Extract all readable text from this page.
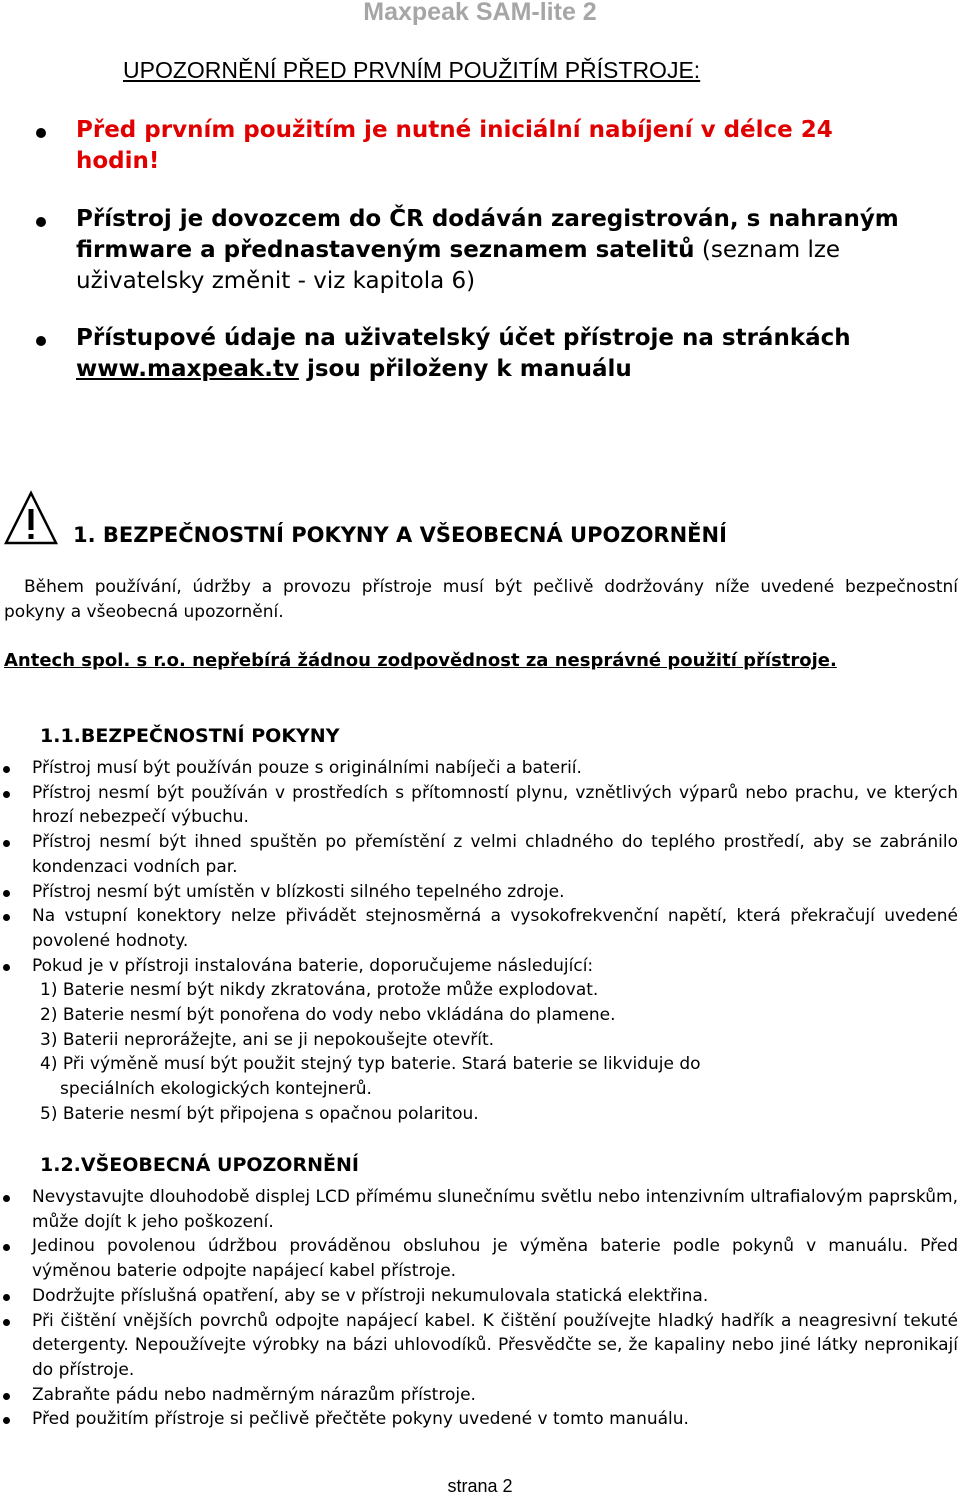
Maxpeak SAM-lite 2
UPOZORNĚNÍ PŘED PRVNÍM POUŽITÍM PŘÍSTROJE:
Před prvním použitím je nutné iniciální nabíjení v délce 24 hodin!
Přístroj je dovozcem do ČR dodáván zaregistrován, s nahraným firmware a přednastaveným seznamem satelitů (seznam lze uživatelsky změnit - viz kapitola 6)
Přístupové údaje na uživatelský účet přístroje na stránkách www.maxpeak.tv jsou přiloženy k manuálu
1. BEZPEČNOSTNÍ POKYNY A VŠEOBECNÁ UPOZORNĚNÍ
Během používání, údržby a provozu přístroje musí být pečlivě dodržovány níže uvedené bezpečnostní pokyny a všeobecná upozornění.
Antech spol. s r.o. nepřebírá žádnou zodpovědnost za nesprávné použití přístroje.
1.1.BEZPEČNOSTNÍ POKYNY
Přístroj musí být používán pouze s originálními nabíječi a baterií.
Přístroj nesmí být používán v prostředích s přítomností plynu, vznětlivých výparů nebo prachu, ve kterých hrozí nebezpečí výbuchu.
Přístroj nesmí být ihned spuštěn po přemístění z velmi chladného do teplého prostředí, aby se zabránilo kondenzaci vodních par.
Přístroj nesmí být umístěn v blízkosti silného tepelného zdroje.
Na vstupní konektory nelze přivádět stejnosměrná a vysokofrekvenční napětí, která překračují uvedené povolené hodnoty.
Pokud je v přístroji instalována baterie, doporučujeme následující:
1) Baterie nesmí být nikdy zkratována, protože může explodovat.
2) Baterie nesmí být ponořena do vody nebo vkládána do plamene.
3) Baterii neprorážejte, ani se ji nepokoušejte otevřít.
4) Při výměně musí být použit stejný typ baterie. Stará baterie se likviduje do
speciálních ekologických kontejnerů.
5) Baterie nesmí být připojena s opačnou polaritou.
1.2.VŠEOBECNÁ UPOZORNĚNÍ
Nevystavujte dlouhodobě displej LCD přímému slunečnímu světlu nebo intenzivním ultrafialovým paprskům, může dojít k jeho poškození.
Jedinou povolenou údržbou prováděnou obsluhou je výměna baterie podle pokynů v manuálu. Před výměnou baterie odpojte napájecí kabel přístroje.
Dodržujte příslušná opatření, aby se v přístroji nekumulovala statická elektřina.
Při čištění vnějších povrchů odpojte napájecí kabel. K čištění používejte hladký hadřík a neagresivní tekuté detergenty. Nepoužívejte výrobky na bázi uhlovodíků. Přesvědčte se, že kapaliny nebo jiné látky nepronikají do přístroje.
Zabraňte pádu nebo nadměrným nárazům přístroje.
Před použitím přístroje si pečlivě přečtěte pokyny uvedené v tomto manuálu.
strana 2
